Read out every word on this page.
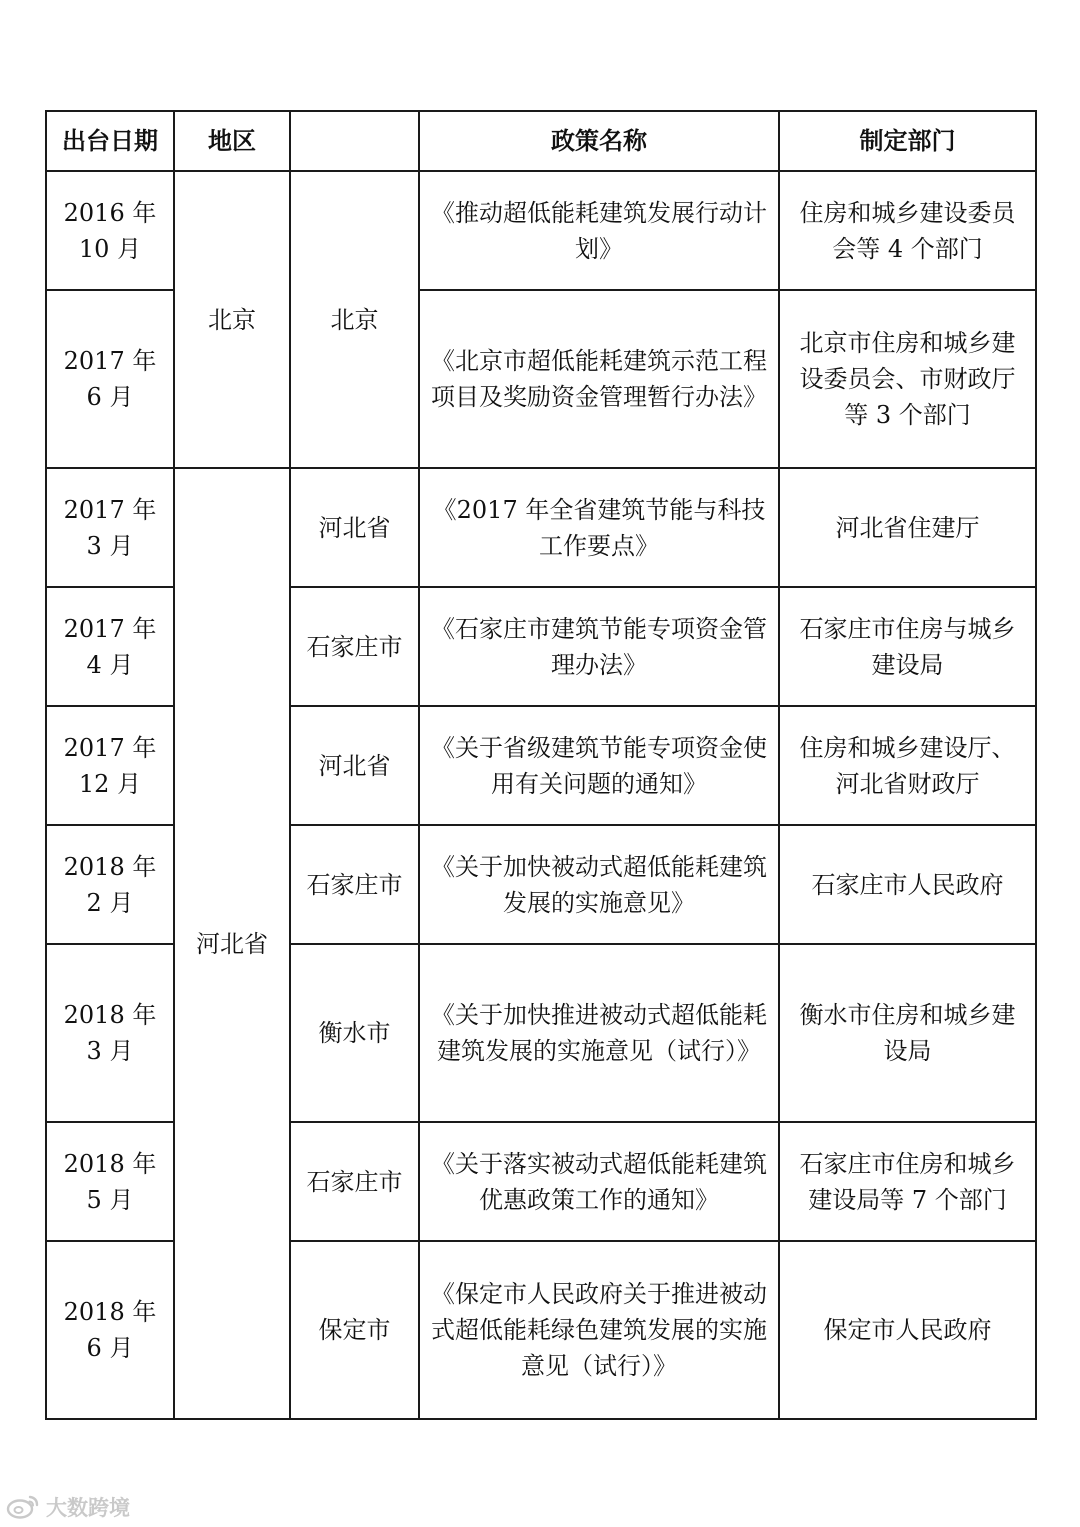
出台日期	地区		政策名称	制定部门
2016 年 10 月	北京	北京	《推动超低能耗建筑发展行动计划》	住房和城乡建设委员会等 4 个部门
2017 年 6 月			《北京市超低能耗建筑示范工程项目及奖励资金管理暂行办法》	北京市住房和城乡建设委员会、市财政厅等 3 个部门
2017 年 3 月	河北省	河北省	《2017 年全省建筑节能与科技工作要点》	河北省住建厅
2017 年 4 月		石家庄市	《石家庄市建筑节能专项资金管理办法》	石家庄市住房与城乡建设局
2017 年 12 月		河北省	《关于省级建筑节能专项资金使用有关问题的通知》	住房和城乡建设厅、河北省财政厅
2018 年 2 月		石家庄市	《关于加快被动式超低能耗建筑发展的实施意见》	石家庄市人民政府
2018 年 3 月		衡水市	《关于加快推进被动式超低能耗建筑发展的实施意见（试行）》	衡水市住房和城乡建设局
2018 年 5 月		石家庄市	《关于落实被动式超低能耗建筑优惠政策工作的通知》	石家庄市住房和城乡建设局等 7 个部门
2018 年 6 月		保定市	《保定市人民政府关于推进被动式超低能耗绿色建筑发展的实施意见（试行）》	保定市人民政府
大数跨境
